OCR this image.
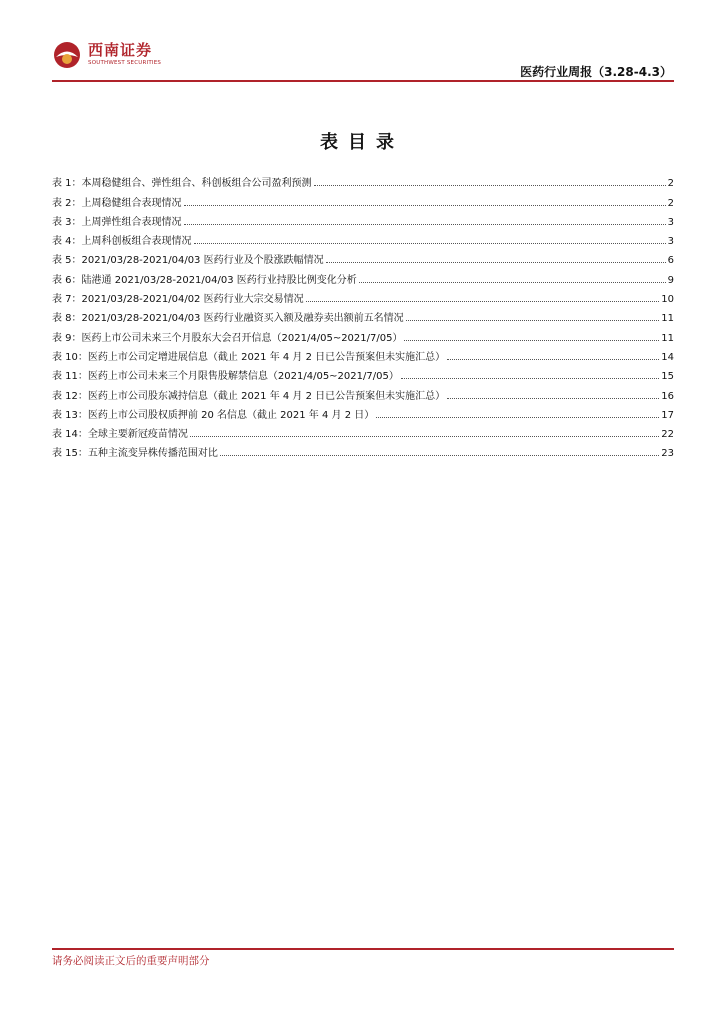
西南证券
SOUTHWEST SECURITIES
医药行业周报（3.28-4.3）
表目录
表 1：本周稳健组合、弹性组合、科创板组合公司盈利预测	2
表 2：上周稳健组合表现情况	2
表 3：上周弹性组合表现情况	3
表 4：上周科创板组合表现情况	3
表 5：2021/03/28-2021/04/03 医药行业及个股涨跌幅情况	6
表 6：陆港通 2021/03/28-2021/04/03 医药行业持股比例变化分析	9
表 7：2021/03/28-2021/04/02 医药行业大宗交易情况	10
表 8：2021/03/28-2021/04/03 医药行业融资买入额及融券卖出额前五名情况	11
表 9：医药上市公司未来三个月股东大会召开信息（2021/4/05~2021/7/05）	11
表 10：医药上市公司定增进展信息（截止 2021 年 4 月 2 日已公告预案但未实施汇总）	14
表 11：医药上市公司未来三个月限售股解禁信息（2021/4/05~2021/7/05）	15
表 12：医药上市公司股东减持信息（截止 2021 年 4 月 2 日已公告预案但未实施汇总）	16
表 13：医药上市公司股权质押前 20 名信息（截止 2021 年 4 月 2 日）	17
表 14：全球主要新冠疫苗情况	22
表 15：五种主流变异株传播范围对比	23
请务必阅读正文后的重要声明部分
